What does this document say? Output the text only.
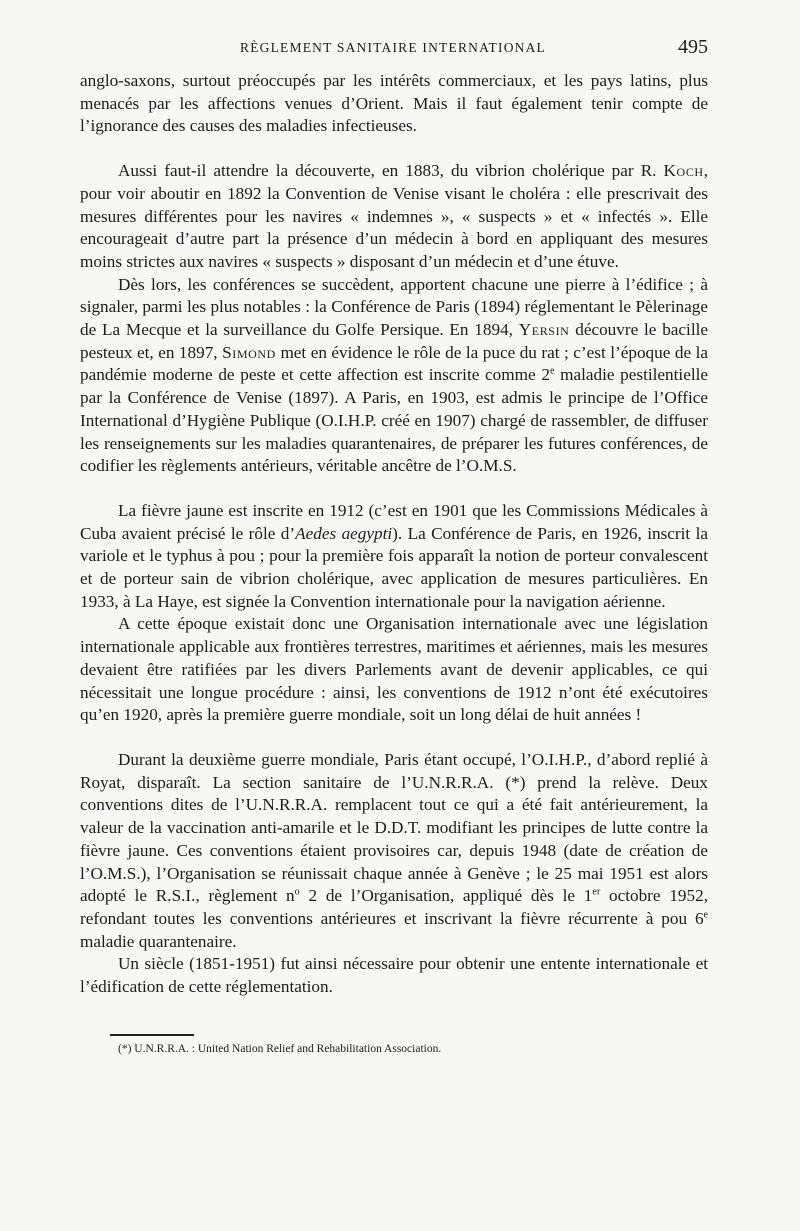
RÈGLEMENT SANITAIRE INTERNATIONAL	495

anglo-saxons, surtout préoccupés par les intérêts commerciaux, et les pays latins, plus menacés par les affections venues d’Orient. Mais il faut également tenir compte de l’ignorance des causes des maladies infectieuses.

Aussi faut-il attendre la découverte, en 1883, du vibrion cholérique par R. Koch, pour voir aboutir en 1892 la Convention de Venise visant le choléra : elle prescrivait des mesures différentes pour les navires « indemnes », « suspects » et « infectés ». Elle encourageait d’autre part la présence d’un médecin à bord en appliquant des mesures moins strictes aux navires « suspects » disposant d’un médecin et d’une étuve.

Dès lors, les conférences se succèdent, apportent chacune une pierre à l’édifice ; à signaler, parmi les plus notables : la Conférence de Paris (1894) réglementant le Pèlerinage de La Mecque et la surveillance du Golfe Persique. En 1894, Yersin découvre le bacille pesteux et, en 1897, Simond met en évidence le rôle de la puce du rat ; c’est l’époque de la pandémie moderne de peste et cette affection est inscrite comme 2e maladie pestilentielle par la Conférence de Venise (1897). A Paris, en 1903, est admis le principe de l’Office International d’Hygiène Publique (O.I.H.P. créé en 1907) chargé de rassembler, de diffuser les renseignements sur les maladies quarantenaires, de préparer les futures conférences, de codifier les règlements antérieurs, véritable ancêtre de l’O.M.S.

La fièvre jaune est inscrite en 1912 (c’est en 1901 que les Commissions Médicales à Cuba avaient précisé le rôle d’Aedes aegypti). La Conférence de Paris, en 1926, inscrit la variole et le typhus à pou ; pour la première fois apparaît la notion de porteur convalescent et de porteur sain de vibrion cholérique, avec application de mesures particulières. En 1933, à La Haye, est signée la Convention internationale pour la navigation aérienne.

A cette époque existait donc une Organisation internationale avec une législation internationale applicable aux frontières terrestres, maritimes et aériennes, mais les mesures devaient être ratifiées par les divers Parlements avant de devenir applicables, ce qui nécessitait une longue procédure : ainsi, les conventions de 1912 n’ont été exécutoires qu’en 1920, après la première guerre mondiale, soit un long délai de huit années !

Durant la deuxième guerre mondiale, Paris étant occupé, l’O.I.H.P., d’abord replié à Royat, disparaît. La section sanitaire de l’U.N.R.R.A. (*) prend la relève. Deux conventions dites de l’U.N.R.R.A. remplacent tout ce qui a été fait antérieurement, la valeur de la vaccination anti-amarile et le D.D.T. modifiant les principes de lutte contre la fièvre jaune. Ces conventions étaient provisoires car, depuis 1948 (date de création de l’O.M.S.), l’Organisation se réunissait chaque année à Genève ; le 25 mai 1951 est alors adopté le R.S.I., règlement $n^o$ 2 de l’Organisation, appliqué dès le 1er octobre 1952, refondant toutes les conventions antérieures et inscrivant la fièvre récurrente à pou 6e maladie quarantenaire.

Un siècle (1851-1951) fut ainsi nécessaire pour obtenir une entente internationale et l’édification de cette réglementation.

(*) U.N.R.R.A. : United Nation Relief and Rehabilitation Association.
